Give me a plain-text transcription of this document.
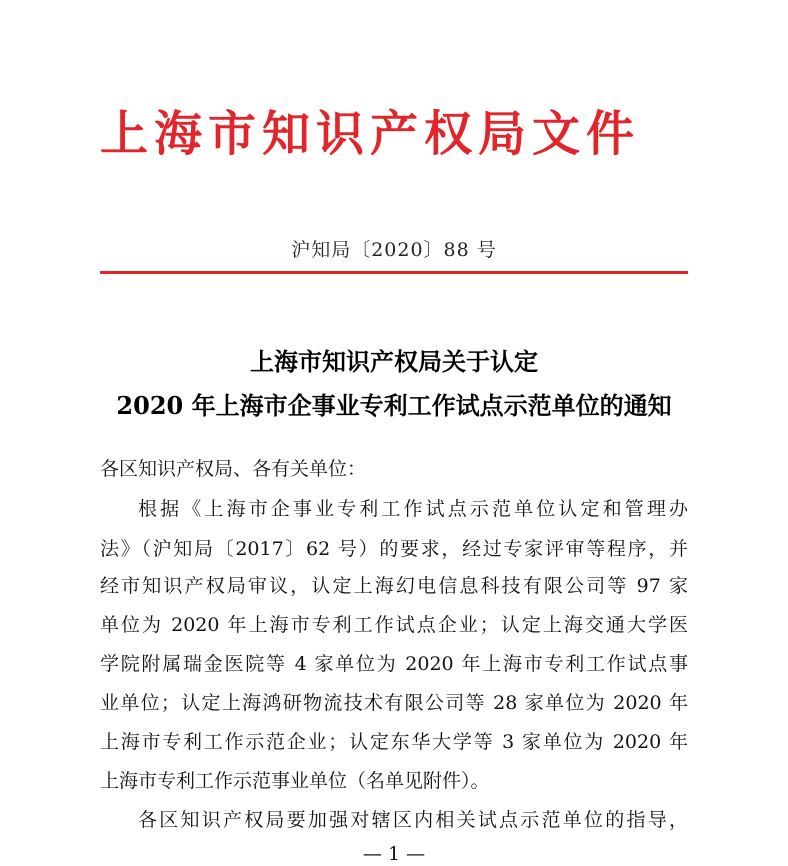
上海市知识产权局文件

沪知局〔2020〕88 号

上海市知识产权局关于认定
2020 年上海市企事业专利工作试点示范单位的通知

各区知识产权局、各有关单位：

根据《上海市企事业专利工作试点示范单位认定和管理办

法》（沪知局〔2017〕62 号）的要求，经过专家评审等程序，并

经市知识产权局审议，认定上海幻电信息科技有限公司等 97 家

单位为 2020 年上海市专利工作试点企业；认定上海交通大学医

学院附属瑞金医院等 4 家单位为 2020 年上海市专利工作试点事

业单位；认定上海鸿研物流技术有限公司等 28 家单位为 2020 年

上海市专利工作示范企业；认定东华大学等 3 家单位为 2020 年

上海市专利工作示范事业单位（名单见附件）。

各区知识产权局要加强对辖区内相关试点示范单位的指导，

— 1 —
